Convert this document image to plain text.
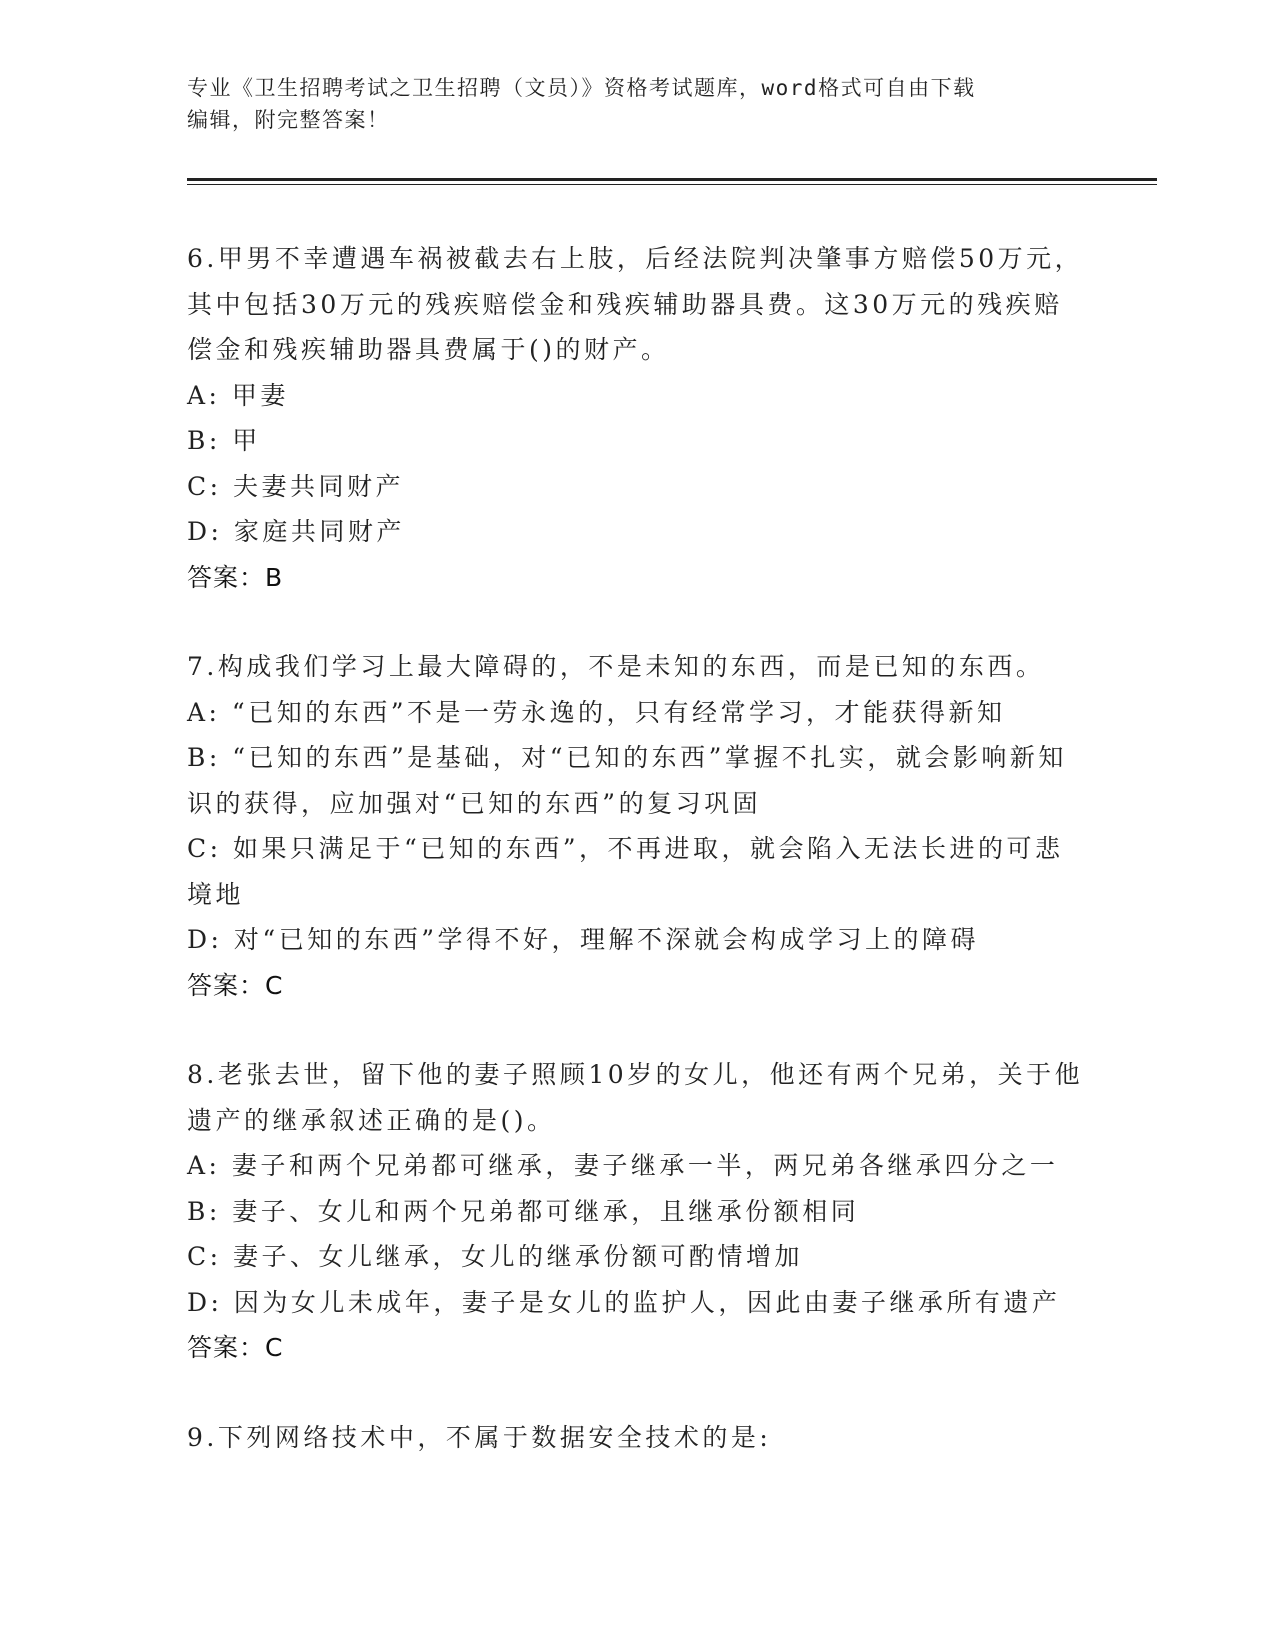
专业《卫生招聘考试之卫生招聘（文员）》资格考试题库，word格式可自由下载
编辑，附完整答案！
6.甲男不幸遭遇车祸被截去右上肢，后经法院判决肇事方赔偿50万元，其中包括30万元的残疾赔偿金和残疾辅助器具费。这30万元的残疾赔偿金和残疾辅助器具费属于()的财产。
A: 甲妻
B: 甲
C: 夫妻共同财产
D: 家庭共同财产
答案：B
7.构成我们学习上最大障碍的，不是未知的东西，而是已知的东西。
A: “已知的东西”不是一劳永逸的，只有经常学习，才能获得新知
B: “已知的东西”是基础，对“已知的东西”掌握不扎实，就会影响新知识的获得，应加强对“已知的东西”的复习巩固
C: 如果只满足于“已知的东西”，不再进取，就会陷入无法长进的可悲境地
D: 对“已知的东西”学得不好，理解不深就会构成学习上的障碍
答案：C
8.老张去世，留下他的妻子照顾10岁的女儿，他还有两个兄弟，关于他遗产的继承叙述正确的是()。
A: 妻子和两个兄弟都可继承，妻子继承一半，两兄弟各继承四分之一
B: 妻子、女儿和两个兄弟都可继承，且继承份额相同
C: 妻子、女儿继承，女儿的继承份额可酌情增加
D: 因为女儿未成年，妻子是女儿的监护人，因此由妻子继承所有遗产
答案：C
9.下列网络技术中，不属于数据安全技术的是:
